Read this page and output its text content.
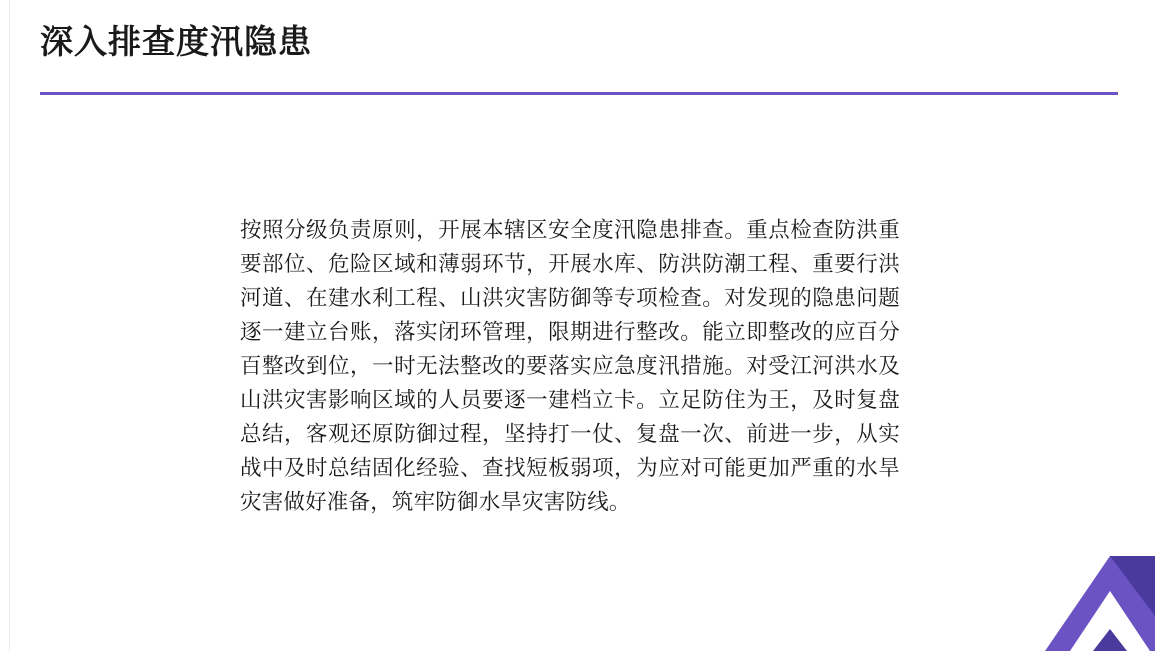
深入排查度汛隐患
按照分级负责原则，开展本辖区安全度汛隐患排查。重点检查防洪重要部位、危险区域和薄弱环节，开展水库、防洪防潮工程、重要行洪河道、在建水利工程、山洪灾害防御等专项检查。对发现的隐患问题逐一建立台账，落实闭环管理，限期进行整改。能立即整改的应百分百整改到位，一时无法整改的要落实应急度汛措施。对受江河洪水及山洪灾害影响区域的人员要逐一建档立卡。立足防住为王，及时复盘总结，客观还原防御过程，坚持打一仗、复盘一次、前进一步，从实战中及时总结固化经验、查找短板弱项，为应对可能更加严重的水旱灾害做好准备，筑牢防御水旱灾害防线。
